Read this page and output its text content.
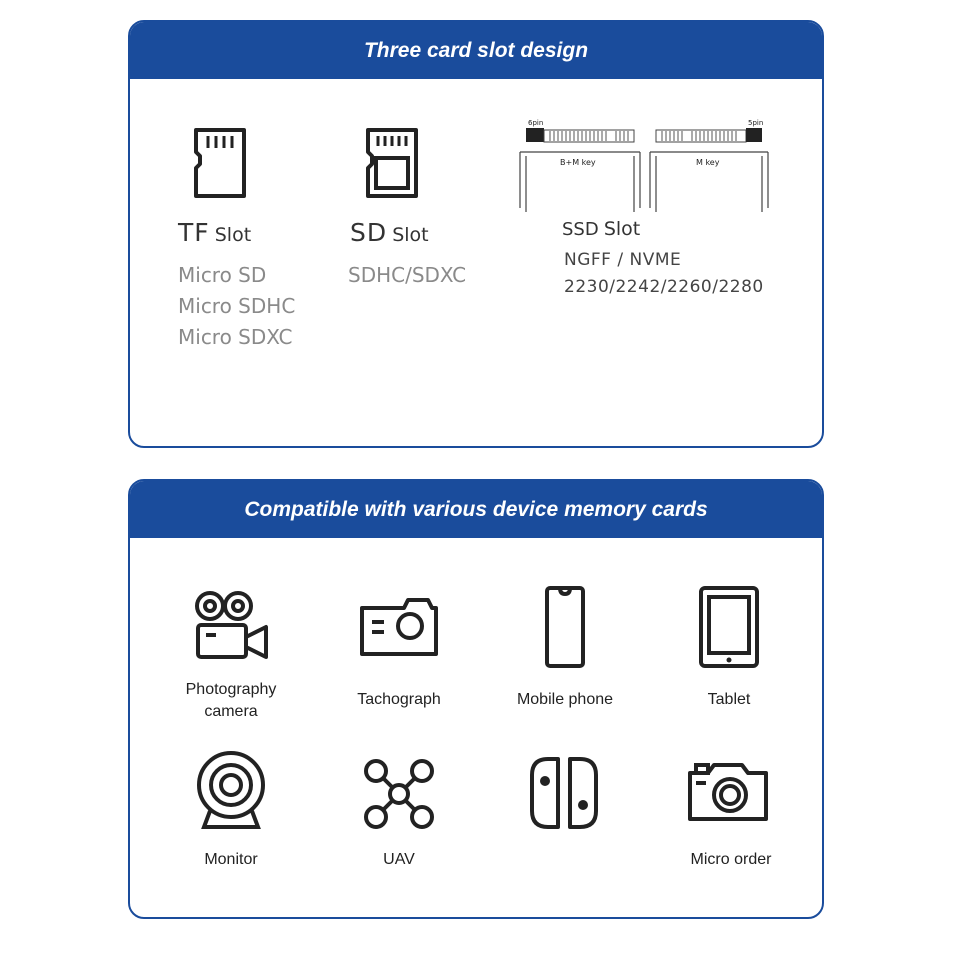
Three card slot design
6pin
B+M key
5pin
M key
TF Slot
Micro SD
Micro SDHC
Micro SDXC
SD Slot
SDHC/SDXC
SSD Slot
NGFF / NVME
2230/2242/2260/2280
Compatible with various device memory cards
Photography
camera
Tachograph	Mobile phone	Tablet
Monitor	UAV	Micro order
